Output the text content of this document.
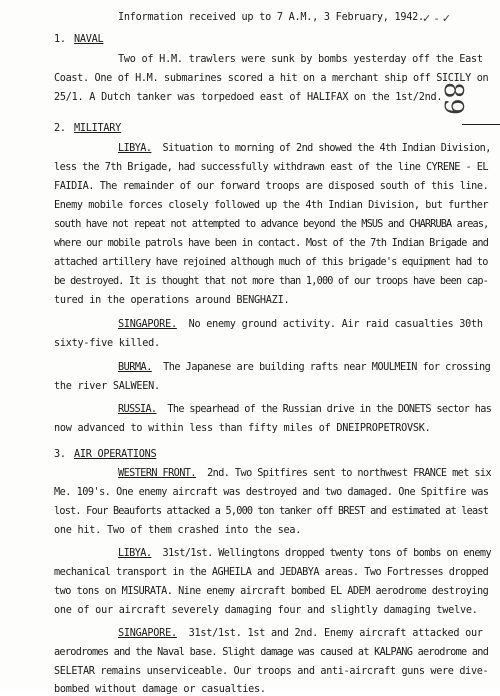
Information received up to 7 A.M., 3 February, 1942.
✓ - ✓
89
1. NAVAL
Two of H.M. trawlers were sunk by bombs yesterday off the East
Coast. One of H.M. submarines scored a hit on a merchant ship off SICILY on
25/1. A Dutch tanker was torpedoed east of HALIFAX on the 1st/2nd.
2. MILITARY
LIBYA. Situation to morning of 2nd showed the 4th Indian Division,
less the 7th Brigade, had successfully withdrawn east of the line CYRENE - EL
FAIDIA. The remainder of our forward troops are disposed south of this line.
Enemy mobile forces closely followed up the 4th Indian Division, but further
south have not repeat not attempted to advance beyond the MSUS and CHARRUBA areas,
where our mobile patrols have been in contact. Most of the 7th Indian Brigade and
attached artillery have rejoined although much of this brigade's equipment had to
be destroyed. It is thought that not more than 1,000 of our troops have been cap-
tured in the operations around BENGHAZI.
SINGAPORE. No enemy ground activity. Air raid casualties 30th
sixty-five killed.
BURMA. The Japanese are building rafts near MOULMEIN for crossing
the river SALWEEN.
RUSSIA. The spearhead of the Russian drive in the DONETS sector has
now advanced to within less than fifty miles of DNEIPROPETROVSK.
3. AIR OPERATIONS
WESTERN FRONT. 2nd. Two Spitfires sent to northwest FRANCE met six
Me. 109's. One enemy aircraft was destroyed and two damaged. One Spitfire was
lost. Four Beauforts attacked a 5,000 ton tanker off BREST and estimated at least
one hit. Two of them crashed into the sea.
LIBYA. 31st/1st. Wellingtons dropped twenty tons of bombs on enemy
mechanical transport in the AGHEILA and JEDABYA areas. Two Fortresses dropped
two tons on MISURATA. Nine enemy aircraft bombed EL ADEM aerodrome destroying
one of our aircraft severely damaging four and slightly damaging twelve.
SINGAPORE. 31st/1st. 1st and 2nd. Enemy aircraft attacked our
aerodromes and the Naval base. Slight damage was caused at KALPANG aerodrome and
SELETAR remains unserviceable. Our troops and anti-aircraft guns were dive-
bombed without damage or casualties.
